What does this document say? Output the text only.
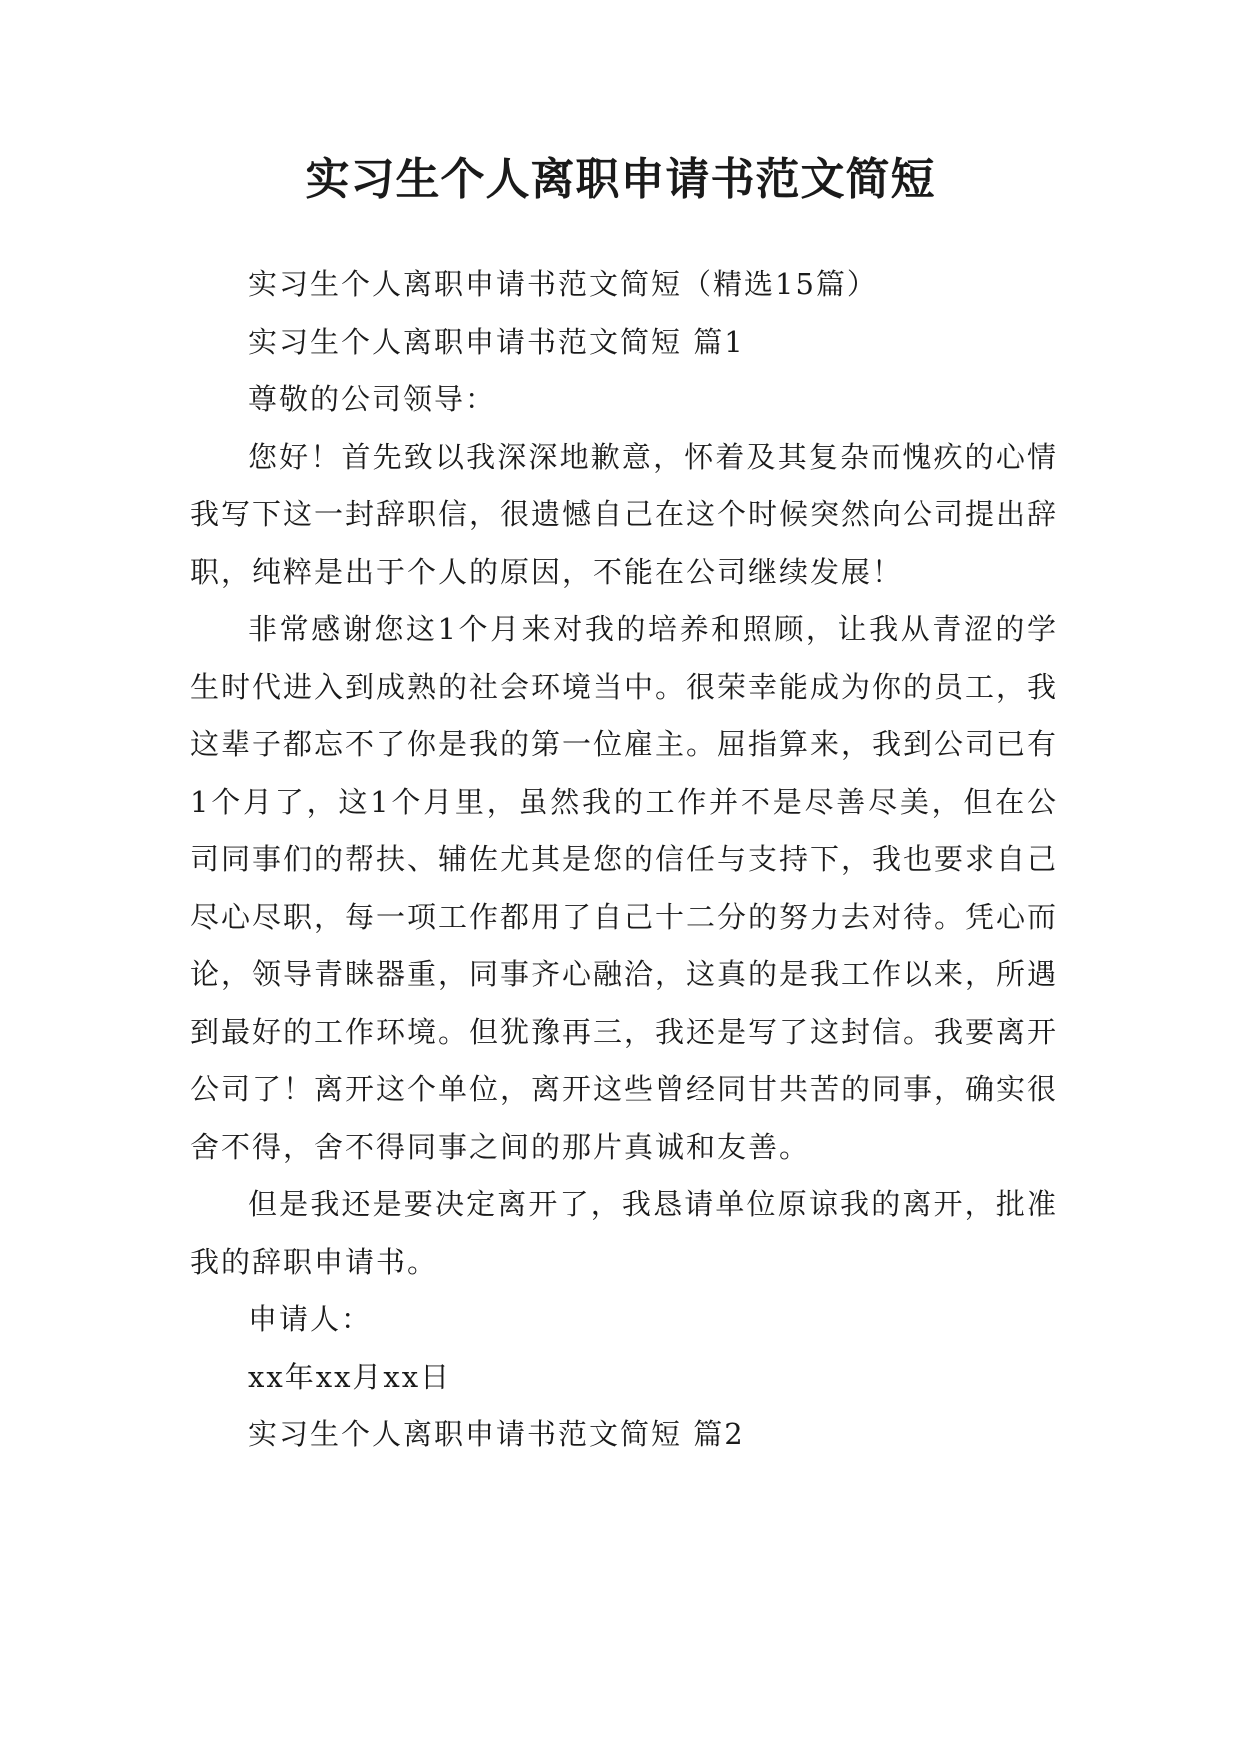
实习生个人离职申请书范文简短

实习生个人离职申请书范文简短（精选15篇）

实习生个人离职申请书范文简短 篇1

尊敬的公司领导：

您好！首先致以我深深地歉意，怀着及其复杂而愧疚的心情我写下这一封辞职信，很遗憾自己在这个时候突然向公司提出辞职，纯粹是出于个人的原因，不能在公司继续发展！

非常感谢您这1个月来对我的培养和照顾，让我从青涩的学生时代进入到成熟的社会环境当中。很荣幸能成为你的员工，我这辈子都忘不了你是我的第一位雇主。屈指算来，我到公司已有1个月了，这1个月里，虽然我的工作并不是尽善尽美，但在公司同事们的帮扶、辅佐尤其是您的信任与支持下，我也要求自己尽心尽职，每一项工作都用了自己十二分的努力去对待。凭心而论，领导青睐器重，同事齐心融洽，这真的是我工作以来，所遇到最好的工作环境。但犹豫再三，我还是写了这封信。我要离开公司了！离开这个单位，离开这些曾经同甘共苦的同事，确实很舍不得，舍不得同事之间的那片真诚和友善。

但是我还是要决定离开了，我恳请单位原谅我的离开，批准我的辞职申请书。

申请人：

xx年xx月xx日

实习生个人离职申请书范文简短 篇2
